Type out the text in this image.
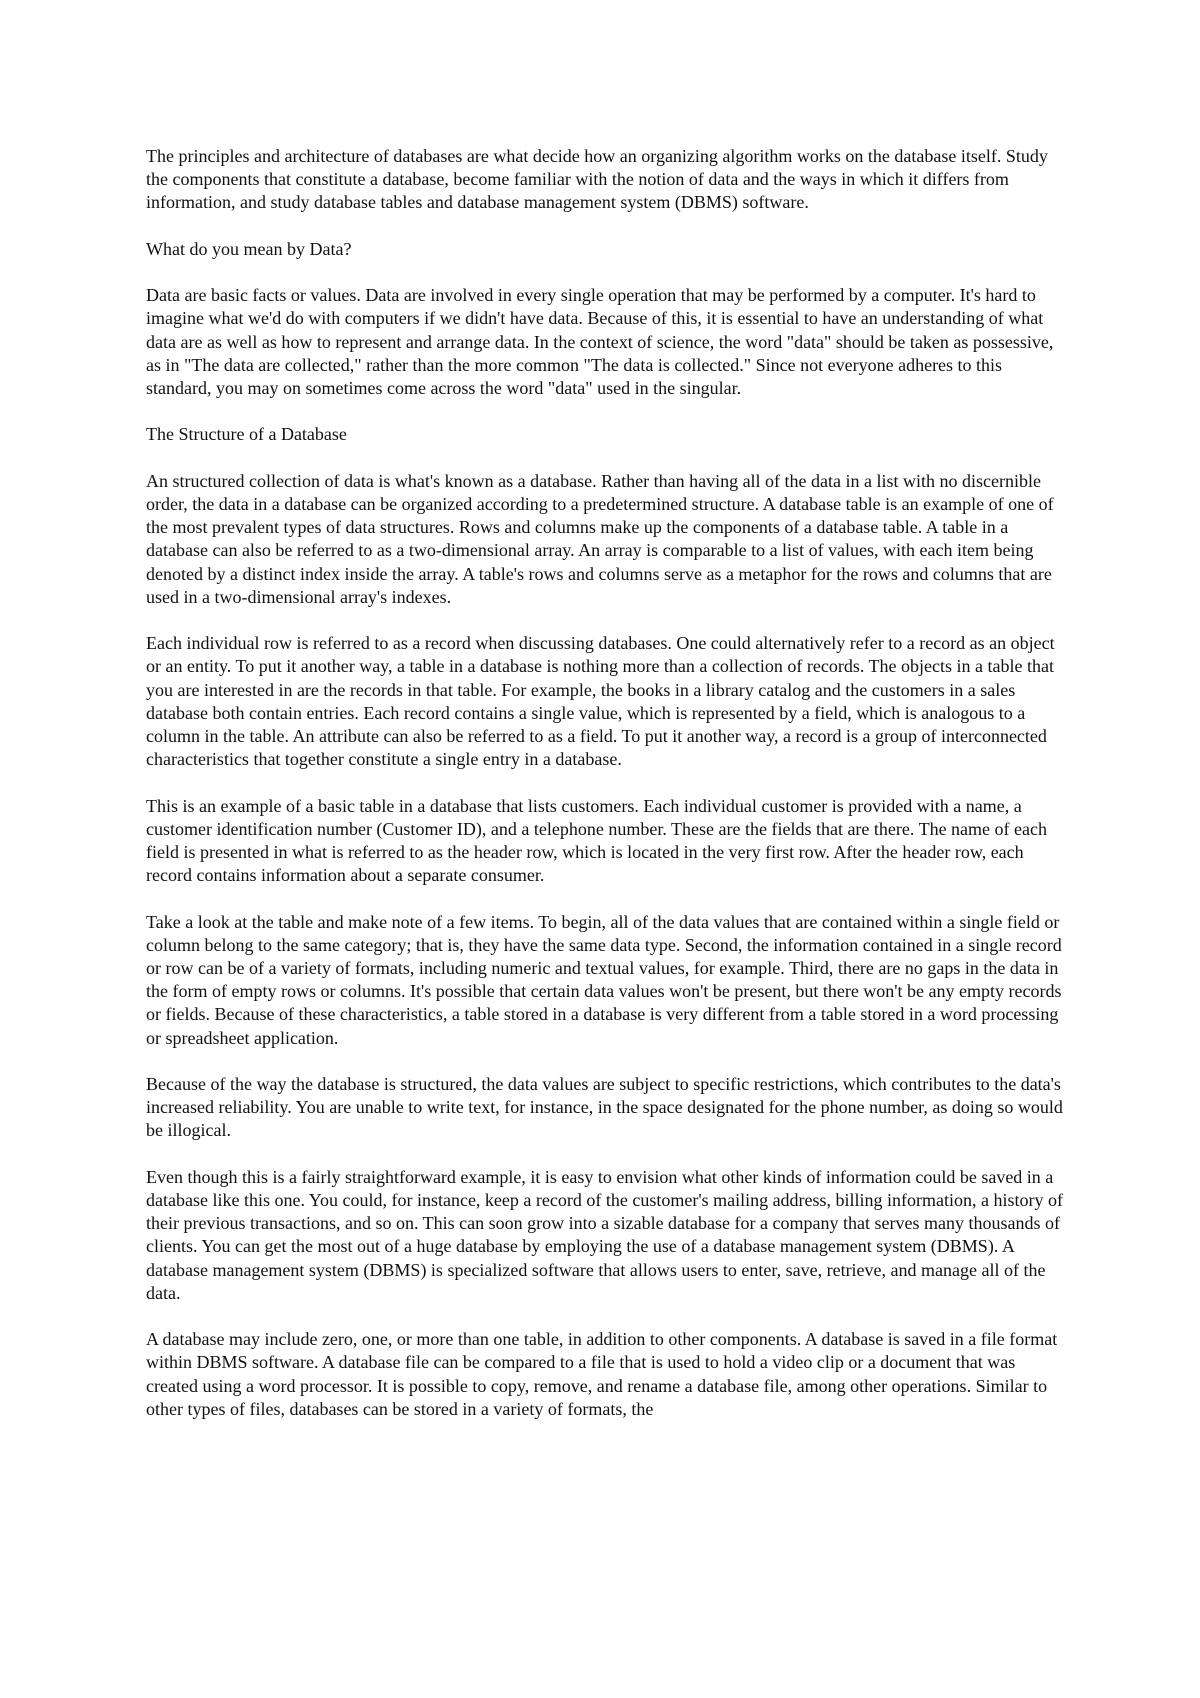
The principles and architecture of databases are what decide how an organizing algorithm works on the database itself. Study the components that constitute a database, become familiar with the notion of data and the ways in which it differs from information, and study database tables and database management system (DBMS) software.

What do you mean by Data?

Data are basic facts or values. Data are involved in every single operation that may be performed by a computer. It's hard to imagine what we'd do with computers if we didn't have data. Because of this, it is essential to have an understanding of what data are as well as how to represent and arrange data. In the context of science, the word "data" should be taken as possessive, as in "The data are collected," rather than the more common "The data is collected." Since not everyone adheres to this standard, you may on sometimes come across the word "data" used in the singular.

The Structure of a Database

An structured collection of data is what's known as a database. Rather than having all of the data in a list with no discernible order, the data in a database can be organized according to a predetermined structure. A database table is an example of one of the most prevalent types of data structures. Rows and columns make up the components of a database table. A table in a database can also be referred to as a two-dimensional array. An array is comparable to a list of values, with each item being denoted by a distinct index inside the array. A table's rows and columns serve as a metaphor for the rows and columns that are used in a two-dimensional array's indexes.

Each individual row is referred to as a record when discussing databases. One could alternatively refer to a record as an object or an entity. To put it another way, a table in a database is nothing more than a collection of records. The objects in a table that you are interested in are the records in that table. For example, the books in a library catalog and the customers in a sales database both contain entries. Each record contains a single value, which is represented by a field, which is analogous to a column in the table. An attribute can also be referred to as a field. To put it another way, a record is a group of interconnected characteristics that together constitute a single entry in a database.

This is an example of a basic table in a database that lists customers. Each individual customer is provided with a name, a customer identification number (Customer ID), and a telephone number. These are the fields that are there. The name of each field is presented in what is referred to as the header row, which is located in the very first row. After the header row, each record contains information about a separate consumer.

Take a look at the table and make note of a few items. To begin, all of the data values that are contained within a single field or column belong to the same category; that is, they have the same data type. Second, the information contained in a single record or row can be of a variety of formats, including numeric and textual values, for example. Third, there are no gaps in the data in the form of empty rows or columns. It's possible that certain data values won't be present, but there won't be any empty records or fields. Because of these characteristics, a table stored in a database is very different from a table stored in a word processing or spreadsheet application.

Because of the way the database is structured, the data values are subject to specific restrictions, which contributes to the data's increased reliability. You are unable to write text, for instance, in the space designated for the phone number, as doing so would be illogical.

Even though this is a fairly straightforward example, it is easy to envision what other kinds of information could be saved in a database like this one. You could, for instance, keep a record of the customer's mailing address, billing information, a history of their previous transactions, and so on. This can soon grow into a sizable database for a company that serves many thousands of clients. You can get the most out of a huge database by employing the use of a database management system (DBMS). A database management system (DBMS) is specialized software that allows users to enter, save, retrieve, and manage all of the data.

A database may include zero, one, or more than one table, in addition to other components. A database is saved in a file format within DBMS software. A database file can be compared to a file that is used to hold a video clip or a document that was created using a word processor. It is possible to copy, remove, and rename a database file, among other operations. Similar to other types of files, databases can be stored in a variety of formats, the
